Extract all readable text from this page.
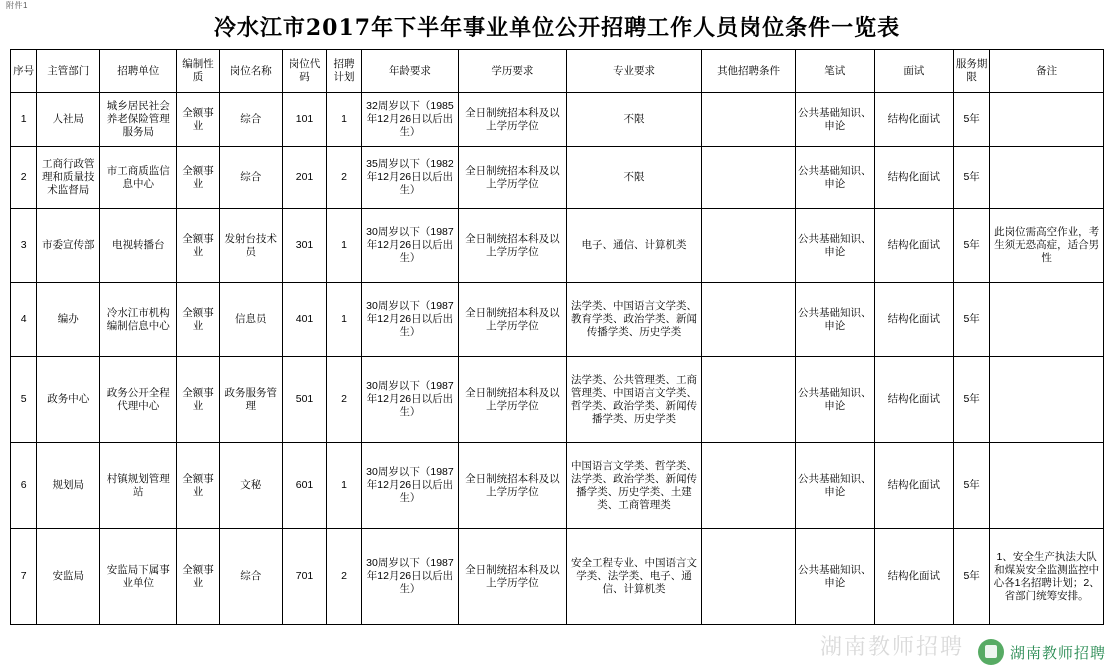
附件1
冷水江市2017年下半年事业单位公开招聘工作人员岗位条件一览表
序号	主管部门	招聘单位	编制性质	岗位名称	岗位代码	招聘计划	年龄要求	学历要求	专业要求	其他招聘条件	笔试	面试	服务期限	备注
1	人社局	城乡居民社会养老保险管理服务局	全额事业	综合	101	1	32周岁以下（1985年12月26日以后出生）	全日制统招本科及以上学历学位	不限		公共基础知识、申论	结构化面试	5年	
2	工商行政管理和质量技术监督局	市工商质监信息中心	全额事业	综合	201	2	35周岁以下（1982年12月26日以后出生）	全日制统招本科及以上学历学位	不限		公共基础知识、申论	结构化面试	5年	
3	市委宣传部	电视转播台	全额事业	发射台技术员	301	1	30周岁以下（1987年12月26日以后出生）	全日制统招本科及以上学历学位	电子、通信、计算机类		公共基础知识、申论	结构化面试	5年	此岗位需高空作业，考生须无恐高症，适合男性
4	编办	冷水江市机构编制信息中心	全额事业	信息员	401	1	30周岁以下（1987年12月26日以后出生）	全日制统招本科及以上学历学位	法学类、中国语言文学类、教育学类、政治学类、新闻传播学类、历史学类		公共基础知识、申论	结构化面试	5年	
5	政务中心	政务公开全程代理中心	全额事业	政务服务管理	501	2	30周岁以下（1987年12月26日以后出生）	全日制统招本科及以上学历学位	法学类、公共管理类、工商管理类、中国语言文学类、哲学类、政治学类、新闻传播学类、历史学类		公共基础知识、申论	结构化面试	5年	
6	规划局	村镇规划管理站	全额事业	文秘	601	1	30周岁以下（1987年12月26日以后出生）	全日制统招本科及以上学历学位	中国语言文学类、哲学类、法学类、政治学类、新闻传播学类、历史学类、土建类、工商管理类		公共基础知识、申论	结构化面试	5年	
7	安监局	安监局下属事业单位	全额事业	综合	701	2	30周岁以下（1987年12月26日以后出生）	全日制统招本科及以上学历学位	安全工程专业、中国语言文学类、法学类、电子、通信、计算机类		公共基础知识、申论	结构化面试	5年	1、安全生产执法大队和煤炭安全监测监控中心各1名招聘计划；2、省部门统筹安排。
湖南教师招聘	湖南教师招聘
